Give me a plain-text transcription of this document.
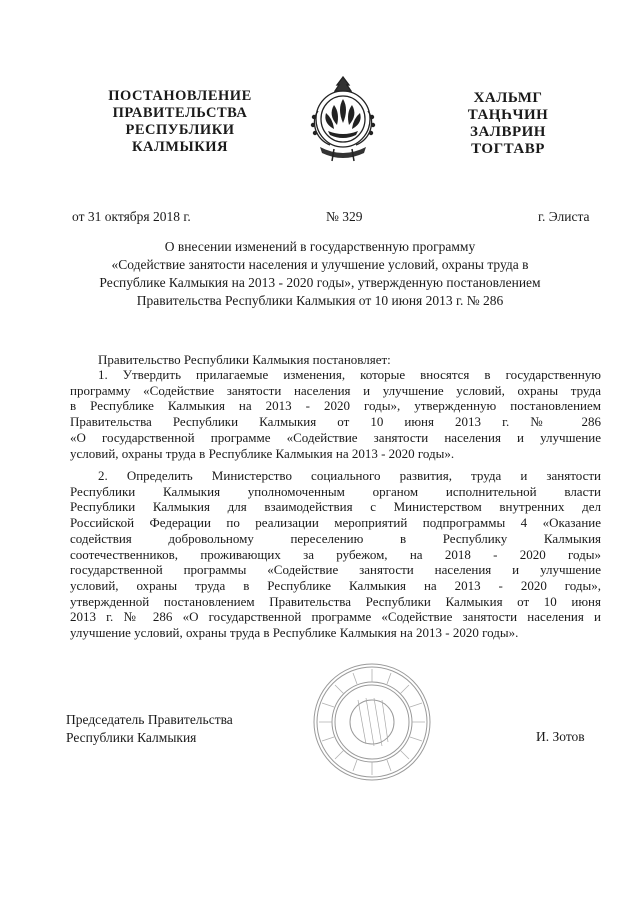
ПОСТАНОВЛЕНИЕ
ПРАВИТЕЛЬСТВА
РЕСПУБЛИКИ
КАЛМЫКИЯ
ХАЛЬМГ
ТАҢҺЧИН
ЗАЛВРИН
ТОГТАВР
от 31 октября 2018 г.	№ 329	г. Элиста
О внесении изменений в государственную программу
«Содействие занятости населения и улучшение условий, охраны труда в
Республике Калмыкия на 2013 - 2020 годы», утвержденную постановлением
Правительства Республики Калмыкия от 10 июня 2013 г. № 286
Правительство Республики Калмыкия постановляет:
1. Утвердить прилагаемые изменения, которые вносятся в государственную
программу «Содействие занятости населения и улучшение условий, охраны труда
в Республике Калмыкия на 2013 - 2020 годы», утвержденную постановлением
Правительства Республики Калмыкия от 10 июня 2013 г. № 286
«О государственной программе «Содействие занятости населения и улучшение
условий, охраны труда в Республике Калмыкия на 2013 - 2020 годы».
2. Определить Министерство социального развития, труда и занятости
Республики Калмыкия уполномоченным органом исполнительной власти
Республики Калмыкия для взаимодействия с Министерством внутренних дел
Российской Федерации по реализации мероприятий подпрограммы 4 «Оказание
содействия добровольному переселению в Республику Калмыкия
соотечественников, проживающих за рубежом, на 2018 - 2020 годы»
государственной программы «Содействие занятости населения и улучшение
условий, охраны труда в Республике Калмыкия на 2013 - 2020 годы»,
утвержденной постановлением Правительства Республики Калмыкия от 10 июня
2013 г. № 286 «О государственной программе «Содействие занятости населения и
улучшение условий, охраны труда в Республике Калмыкия на 2013 - 2020 годы».
Председатель Правительства
Республики Калмыкия	И. Зотов
